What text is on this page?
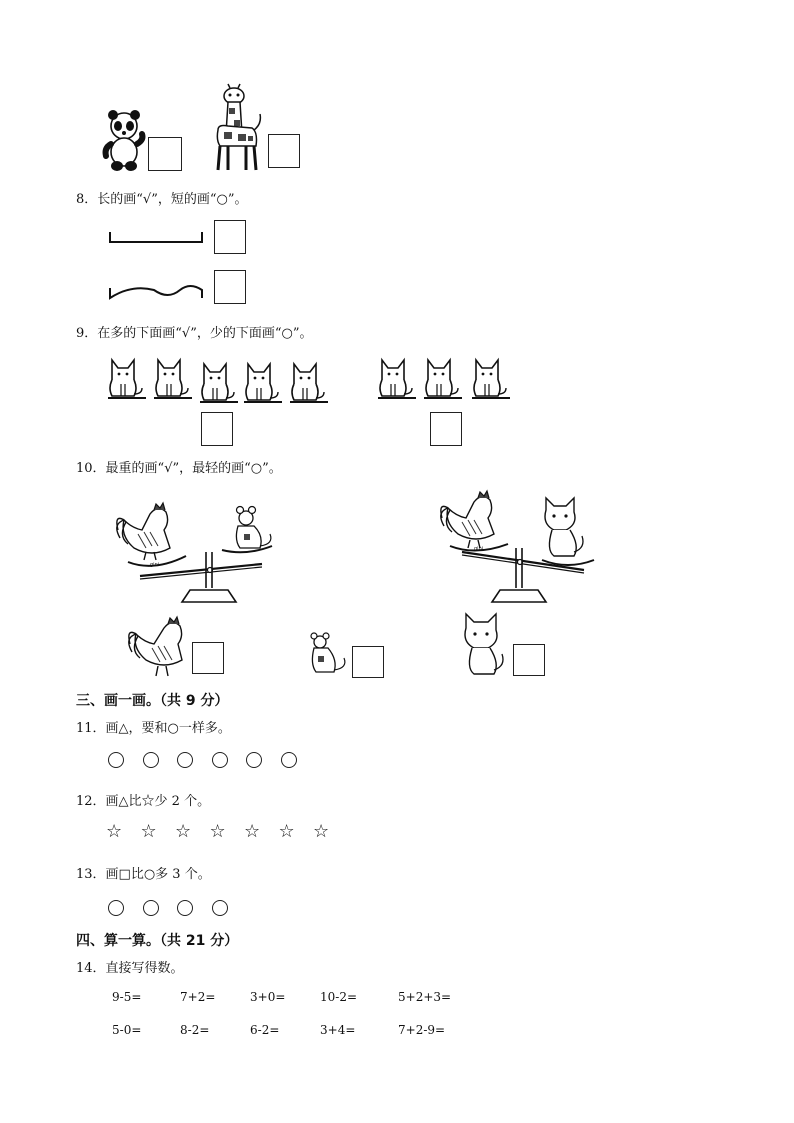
8．长的画“√”，短的画“○”。
9．在多的下面画“√”，少的下面画“○”。
10．最重的画“√”，最轻的画“○”。
gini
gini
三、画一画。（共 9 分）
11．画△，要和○一样多。
12．画△比☆少 2 个。
☆ ☆ ☆ ☆ ☆ ☆ ☆
13．画□比○多 3 个。
四、算一算。（共 21 分）
14．直接写得数。
9-5=	7+2=	3+0=	10-2=	5+2+3=
5-0=	8-2=	6-2=	3+4=	7+2-9=
